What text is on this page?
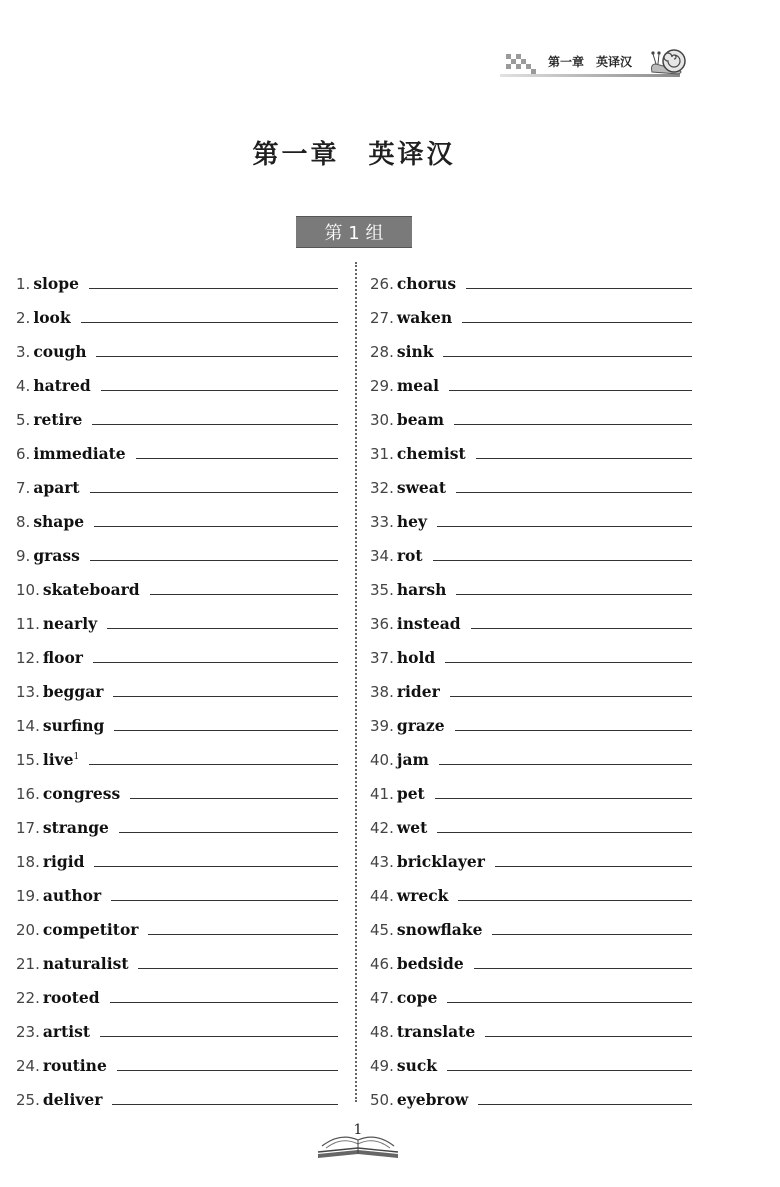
第一章　英译汉
第一章　英译汉
第 1 组
1. slope
2. look
3. cough
4. hatred
5. retire
6. immediate
7. apart
8. shape
9. grass
10. skateboard
11. nearly
12. floor
13. beggar
14. surfing
15. live$^1$
16. congress
17. strange
18. rigid
19. author
20. competitor
21. naturalist
22. rooted
23. artist
24. routine
25. deliver
26. chorus
27. waken
28. sink
29. meal
30. beam
31. chemist
32. sweat
33. hey
34. rot
35. harsh
36. instead
37. hold
38. rider
39. graze
40. jam
41. pet
42. wet
43. bricklayer
44. wreck
45. snowflake
46. bedside
47. cope
48. translate
49. suck
50. eyebrow
1
